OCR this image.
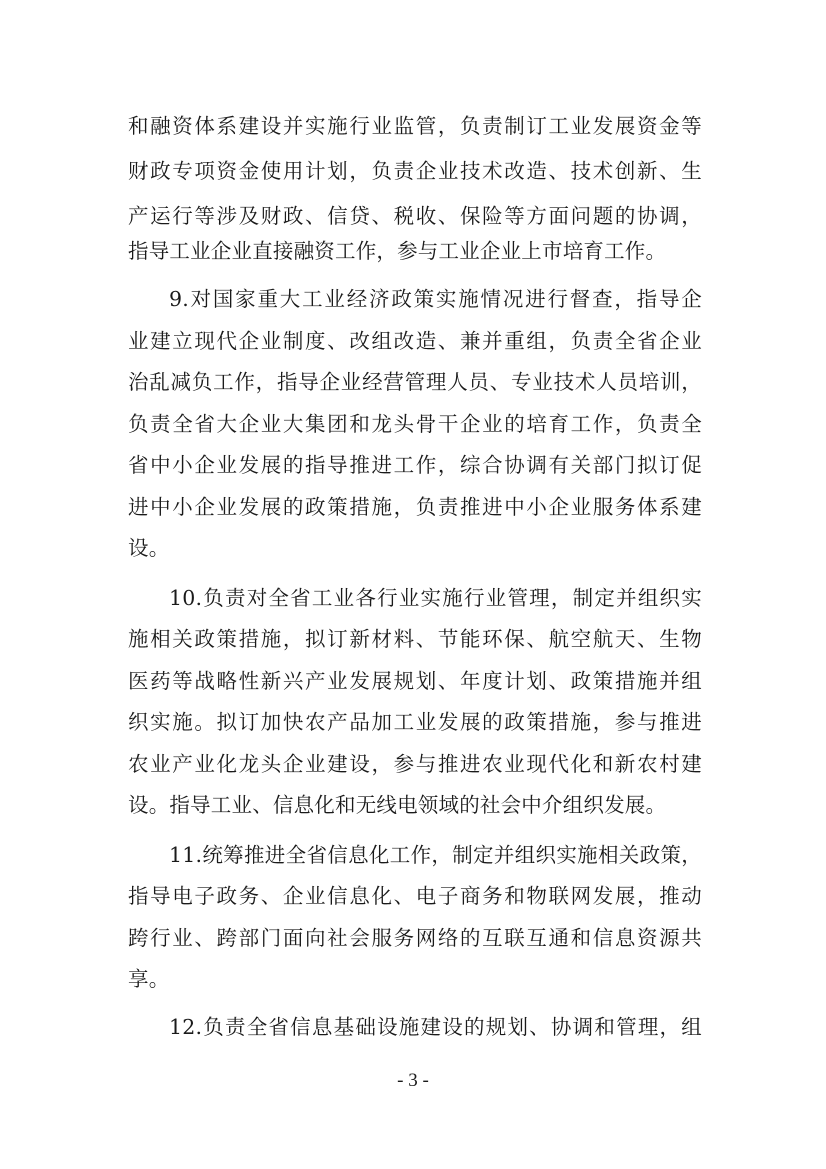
和融资体系建设并实施行业监管，负责制订工业发展资金等
财政专项资金使用计划，负责企业技术改造、技术创新、生
产运行等涉及财政、信贷、税收、保险等方面问题的协调，
指导工业企业直接融资工作，参与工业企业上市培育工作。
9.对国家重大工业经济政策实施情况进行督查，指导企
业建立现代企业制度、改组改造、兼并重组，负责全省企业
治乱减负工作，指导企业经营管理人员、专业技术人员培训，
负责全省大企业大集团和龙头骨干企业的培育工作，负责全
省中小企业发展的指导推进工作，综合协调有关部门拟订促
进中小企业发展的政策措施，负责推进中小企业服务体系建
设。
10.负责对全省工业各行业实施行业管理，制定并组织实
施相关政策措施，拟订新材料、节能环保、航空航天、生物
医药等战略性新兴产业发展规划、年度计划、政策措施并组
织实施。拟订加快农产品加工业发展的政策措施，参与推进
农业产业化龙头企业建设，参与推进农业现代化和新农村建
设。指导工业、信息化和无线电领域的社会中介组织发展。
11.统筹推进全省信息化工作，制定并组织实施相关政策，
指导电子政务、企业信息化、电子商务和物联网发展，推动
跨行业、跨部门面向社会服务网络的互联互通和信息资源共
享。
12.负责全省信息基础设施建设的规划、协调和管理，组
- 3 -
